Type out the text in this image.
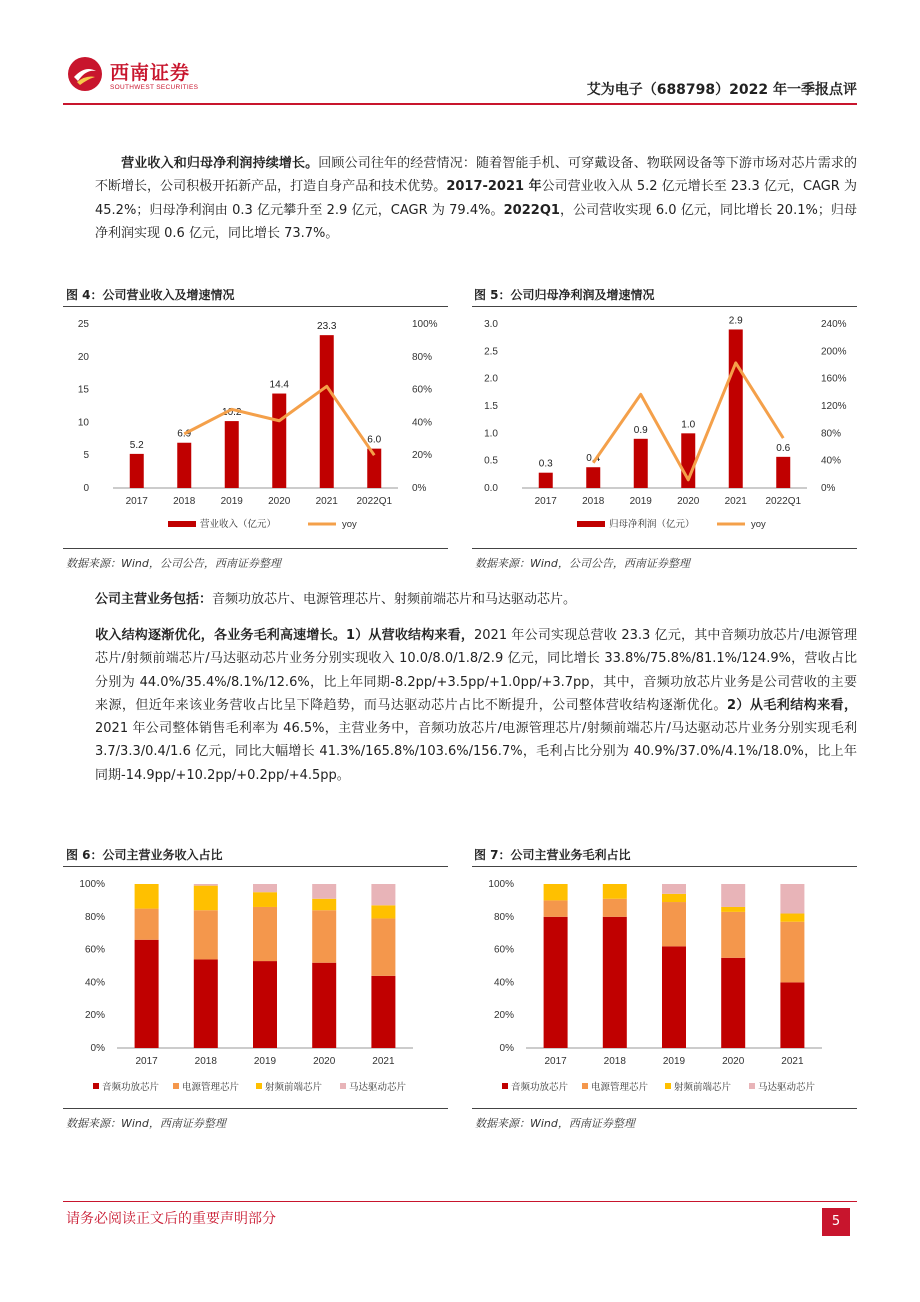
西南证券
SOUTHWEST SECURITIES	艾为电子（688798）2022 年一季报点评
营业收入和归母净利润持续增长。回顾公司往年的经营情况：随着智能手机、可穿戴设备、物联网设备等下游市场对芯片需求的不断增长，公司积极开拓新产品，打造自身产品和技术优势。2017-2021 年公司营业收入从 5.2 亿元增长至 23.3 亿元，CAGR 为 45.2%；归母净利润由 0.3 亿元攀升至 2.9 亿元，CAGR 为 79.4%。2022Q1，公司营收实现 6.0 亿元，同比增长 20.1%；归母净利润实现 0.6 亿元，同比增长 73.7%。
图 4：公司营业收入及增速情况
0
5
10
15
20
25
0%
20%
40%
60%
80%
100%
5.2
2017
6.9
2018
10.2
2019
14.4
2020
23.3
2021
6.0
2022Q1
营业收入（亿元）	yoy
数据来源：Wind，公司公告，西南证券整理
图 5：公司归母净利润及增速情况
0.0
0.5
1.0
1.5
2.0
2.5
3.0
0%
40%
80%
120%
160%
200%
240%
0.3
2017
0.4
2018
0.9
2019
1.0
2020
2.9
2021
0.6
2022Q1
归母净利润（亿元）	yoy
数据来源：Wind，公司公告，西南证券整理
公司主营业务包括：音频功放芯片、电源管理芯片、射频前端芯片和马达驱动芯片。
收入结构逐渐优化，各业务毛利高速增长。1）从营收结构来看，2021 年公司实现总营收 23.3 亿元，其中音频功放芯片/电源管理芯片/射频前端芯片/马达驱动芯片业务分别实现收入 10.0/8.0/1.8/2.9 亿元，同比增长 33.8%/75.8%/81.1%/124.9%，营收占比分别为 44.0%/35.4%/8.1%/12.6%，比上年同期-8.2pp/+3.5pp/+1.0pp/+3.7pp，其中，音频功放芯片业务是公司营收的主要来源，但近年来该业务营收占比呈下降趋势，而马达驱动芯片占比不断提升，公司整体营收结构逐渐优化。2）从毛利结构来看，2021 年公司整体销售毛利率为 46.5%，主营业务中，音频功放芯片/电源管理芯片/射频前端芯片/马达驱动芯片业务分别实现毛利 3.7/3.3/0.4/1.6 亿元，同比大幅增长 41.3%/165.8%/103.6%/156.7%，毛利占比分别为 40.9%/37.0%/4.1%/18.0%，比上年同期-14.9pp/+10.2pp/+0.2pp/+4.5pp。
图 6：公司主营业务收入占比
0%
20%
40%
60%
80%
100%
2017	2018	2019	2020	2021
音频功放芯片 电源管理芯片	射频前端芯片	马达驱动芯片
数据来源：Wind，西南证券整理
图 7：公司主营业务毛利占比
0%
20%
40%
60%
80%
100%
2017	2018	2019	2020	2021
音频功放芯片 电源管理芯片	射频前端芯片	马达驱动芯片
数据来源：Wind，西南证券整理
请务必阅读正文后的重要声明部分	5
